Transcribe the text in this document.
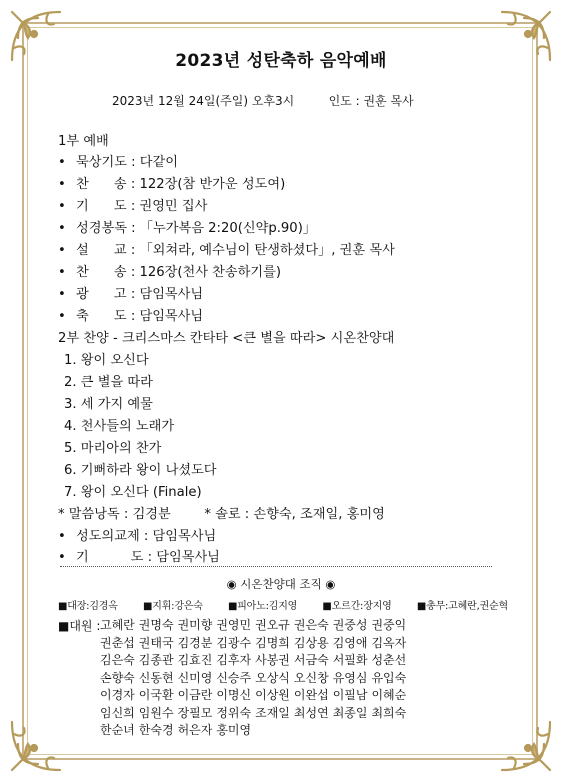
2023년 성탄축하 음악예배
2023년 12월 24일(주일) 오후3시         인도 : 권훈 목사
1부 예배
• 묵상기도 : 다같이
• 찬      송 : 122장(참 반가운 성도여)
• 기      도 : 권영민 집사
• 성경봉독 : 「누가복음 2:20(신약p.90)」
• 설      교 : 「외쳐라, 예수님이 탄생하셨다」, 권훈 목사
• 찬      송 : 126장(천사 찬송하기를)
• 광      고 : 담임목사님
• 축      도 : 담임목사님
2부 찬양 - 크리스마스 칸타타 <큰 별을 따라> 시온찬양대
1. 왕이 오신다
2. 큰 별을 따라
3. 세 가지 예물
4. 천사들의 노래가
5. 마리아의 찬가
6. 기뻐하라 왕이 나셨도다
7. 왕이 오신다 (Finale)
* 말씀낭독 : 김경분        * 솔로 : 손향숙, 조재일, 홍미영
• 성도의교제 : 담임목사님
• 기          도 : 담임목사님
◉ 시온찬양대 조직 ◉
■대장:김경옥	■지휘:강은숙	■피아노:김지영	■오르간:장지영	■총무:고혜란,권순혁
■대원 :
고혜란 권명숙 권미향 권영민 권오규 권은숙 권중성 권중익
권춘섭 권태국 김경분 김광수 김명희 김상용 김영애 김옥자
김은숙 김종관 김효진 김후자 사봉권 서금숙 서필화 성춘선
손향숙 신동현 신미영 신승주 오상식 오신창 유영심 유입숙
이경자 이국환 이금란 이명신 이상원 이완섭 이필남 이혜순
임신희 임원수 장필모 정위숙 조재일 최성연 최종일 최희숙
한순녀 한숙경 허은자 홍미영
